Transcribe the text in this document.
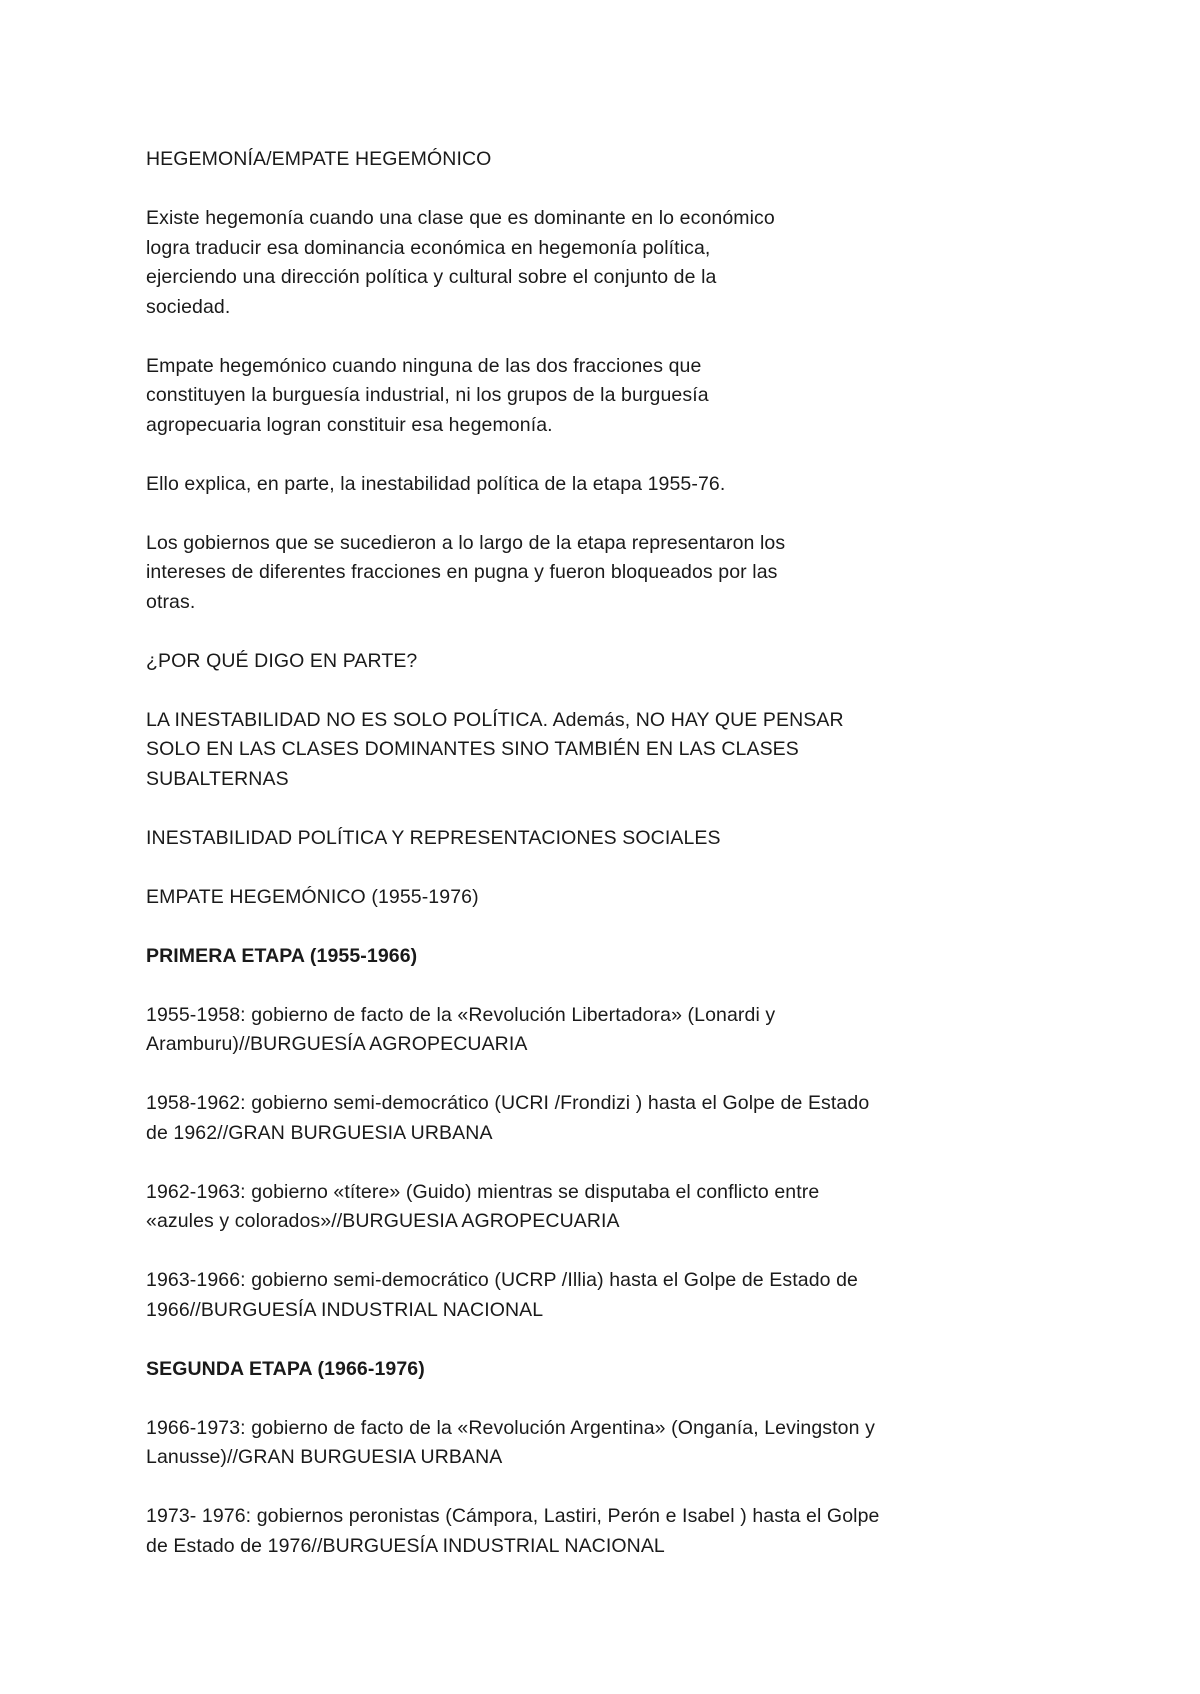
HEGEMONÍA/EMPATE HEGEMÓNICO
Existe hegemonía cuando una clase que es dominante en lo económico
logra traducir esa dominancia económica en hegemonía política,
ejerciendo una dirección política y cultural sobre el conjunto de la
sociedad.
Empate hegemónico cuando ninguna de las dos fracciones que
constituyen la burguesía industrial, ni los grupos de la burguesía
agropecuaria logran constituir esa hegemonía.
Ello explica, en parte, la inestabilidad política de la etapa 1955-76.
Los gobiernos que se sucedieron a lo largo de la etapa representaron los
intereses de diferentes fracciones en pugna y fueron bloqueados por las
otras.
¿POR QUÉ DIGO EN PARTE?
LA INESTABILIDAD NO ES SOLO POLÍTICA. Además, NO HAY QUE PENSAR
SOLO EN LAS CLASES DOMINANTES SINO TAMBIÉN EN LAS CLASES
SUBALTERNAS
INESTABILIDAD POLÍTICA Y REPRESENTACIONES SOCIALES
EMPATE HEGEMÓNICO (1955-1976)
PRIMERA ETAPA (1955-1966)
1955-1958: gobierno de facto de la «Revolución Libertadora» (Lonardi y
Aramburu)//BURGUESÍA AGROPECUARIA
1958-1962: gobierno semi-democrático (UCRI /Frondizi ) hasta el Golpe de Estado
de 1962//GRAN BURGUESIA URBANA
1962-1963: gobierno «títere» (Guido) mientras se disputaba el conflicto entre
«azules y colorados»//BURGUESIA AGROPECUARIA
1963-1966: gobierno semi-democrático (UCRP /Illia) hasta el Golpe de Estado de
1966//BURGUESÍA INDUSTRIAL NACIONAL
SEGUNDA ETAPA (1966-1976)
1966-1973: gobierno de facto de la «Revolución Argentina» (Onganía, Levingston y
Lanusse)//GRAN BURGUESIA URBANA
1973- 1976: gobiernos peronistas (Cámpora, Lastiri, Perón e Isabel ) hasta el Golpe
de Estado de 1976//BURGUESÍA INDUSTRIAL NACIONAL
